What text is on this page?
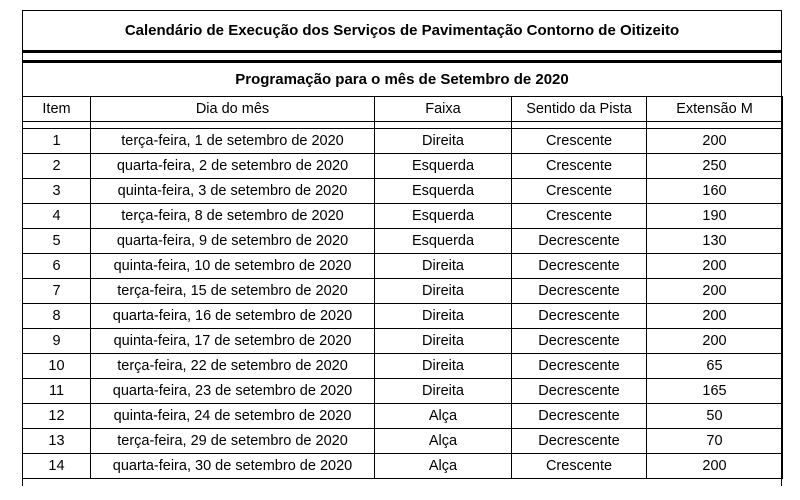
Calendário de Execução dos Serviços de Pavimentação Contorno de Oitizeito
Programação para o mês de Setembro de 2020
Item	Dia do mês	Faixa	Sentido da Pista	Extensão M

1	terça-feira, 1 de setembro de 2020	Direita	Crescente	200
2	quarta-feira, 2 de setembro de 2020	Esquerda	Crescente	250
3	quinta-feira, 3 de setembro de 2020	Esquerda	Crescente	160
4	terça-feira, 8 de setembro de 2020	Esquerda	Crescente	190
5	quarta-feira, 9 de setembro de 2020	Esquerda	Decrescente	130
6	quinta-feira, 10 de setembro de 2020	Direita	Decrescente	200
7	terça-feira, 15 de setembro de 2020	Direita	Decrescente	200
8	quarta-feira, 16 de setembro de 2020	Direita	Decrescente	200
9	quinta-feira, 17 de setembro de 2020	Direita	Decrescente	200
10	terça-feira, 22 de setembro de 2020	Direita	Decrescente	65
11	quarta-feira, 23 de setembro de 2020	Direita	Decrescente	165
12	quinta-feira, 24 de setembro de 2020	Alça	Decrescente	50
13	terça-feira, 29 de setembro de 2020	Alça	Decrescente	70
14	quarta-feira, 30 de setembro de 2020	Alça	Crescente	200
